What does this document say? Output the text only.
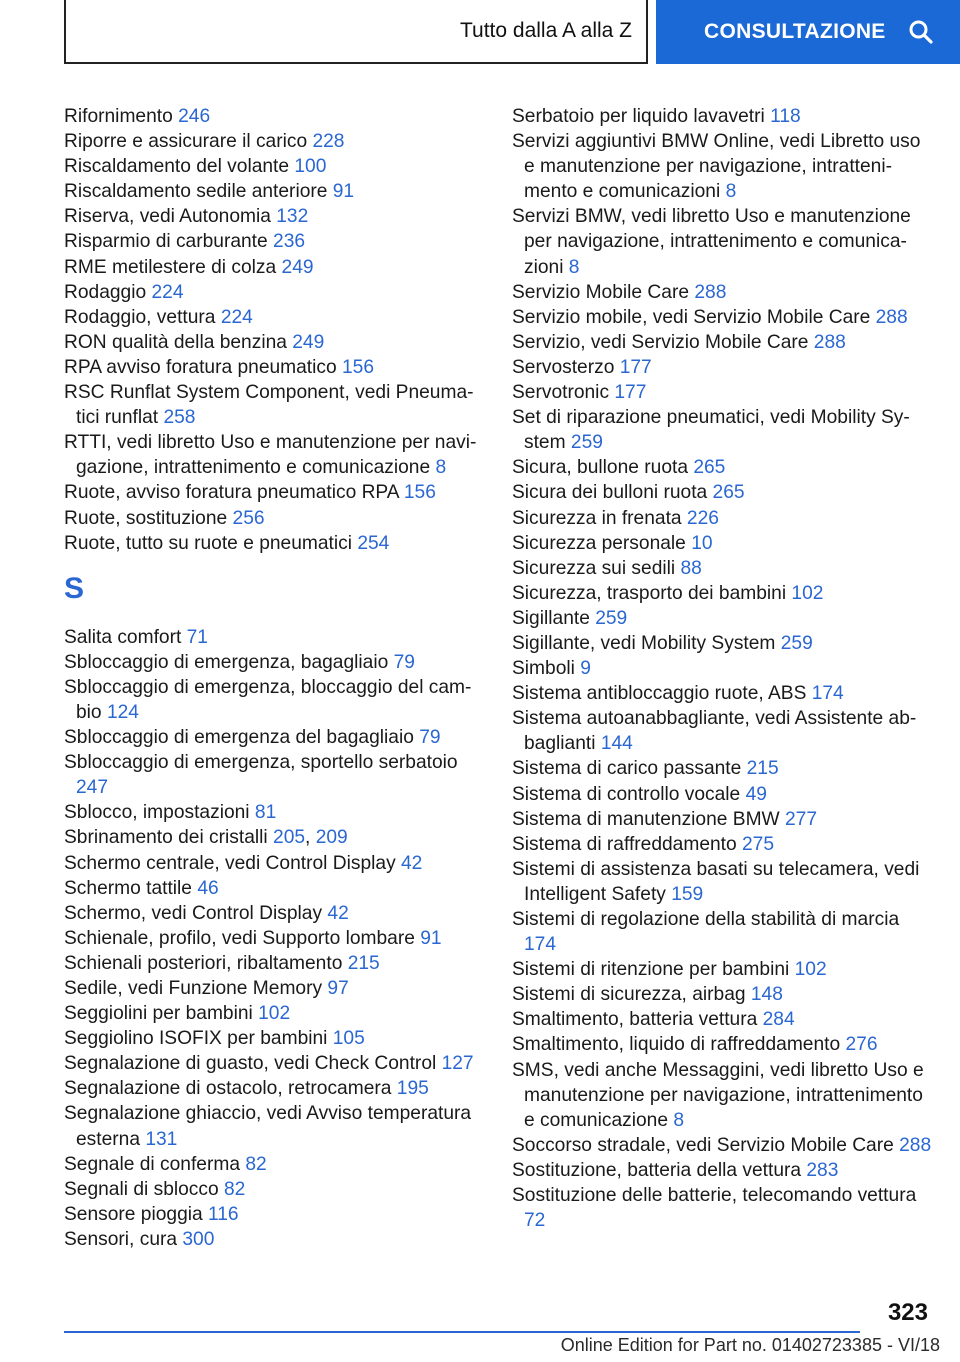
Tutto dalla A alla Z	CONSULTAZIONE
Rifornimento 246
Riporre e assicurare il carico 228
Riscaldamento del volante 100
Riscaldamento sedile anteriore 91
Riserva, vedi Autonomia 132
Risparmio di carburante 236
RME metilestere di colza 249
Rodaggio 224
Rodaggio, vettura 224
RON qualità della benzina 249
RPA avviso foratura pneumatico 156
RSC Runflat System Component, vedi Pneumatici runflat 258
RTTI, vedi libretto Uso e manutenzione per navigazione, intrattenimento e comunicazione 8
Ruote, avviso foratura pneumatico RPA 156
Ruote, sostituzione 256
Ruote, tutto su ruote e pneumatici 254
S
Salita comfort 71
Sbloccaggio di emergenza, bagagliaio 79
Sbloccaggio di emergenza, bloccaggio del cambio 124
Sbloccaggio di emergenza del bagagliaio 79
Sbloccaggio di emergenza, sportello serbatoio 247
Sblocco, impostazioni 81
Sbrinamento dei cristalli 205, 209
Schermo centrale, vedi Control Display 42
Schermo tattile 46
Schermo, vedi Control Display 42
Schienale, profilo, vedi Supporto lombare 91
Schienali posteriori, ribaltamento 215
Sedile, vedi Funzione Memory 97
Seggiolini per bambini 102
Seggiolino ISOFIX per bambini 105
Segnalazione di guasto, vedi Check Control 127
Segnalazione di ostacolo, retrocamera 195
Segnalazione ghiaccio, vedi Avviso temperatura esterna 131
Segnale di conferma 82
Segnali di sblocco 82
Sensore pioggia 116
Sensori, cura 300
Serbatoio per liquido lavavetri 118
Servizi aggiuntivi BMW Online, vedi Libretto uso e manutenzione per navigazione, intrattenimento e comunicazioni 8
Servizi BMW, vedi libretto Uso e manutenzione per navigazione, intrattenimento e comunicazioni 8
Servizio Mobile Care 288
Servizio mobile, vedi Servizio Mobile Care 288
Servizio, vedi Servizio Mobile Care 288
Servosterzo 177
Servotronic 177
Set di riparazione pneumatici, vedi Mobility System 259
Sicura, bullone ruota 265
Sicura dei bulloni ruota 265
Sicurezza in frenata 226
Sicurezza personale 10
Sicurezza sui sedili 88
Sicurezza, trasporto dei bambini 102
Sigillante 259
Sigillante, vedi Mobility System 259
Simboli 9
Sistema antibloccaggio ruote, ABS 174
Sistema autoanabbagliante, vedi Assistente abbaglianti 144
Sistema di carico passante 215
Sistema di controllo vocale 49
Sistema di manutenzione BMW 277
Sistema di raffreddamento 275
Sistemi di assistenza basati su telecamera, vedi Intelligent Safety 159
Sistemi di regolazione della stabilità di marcia 174
Sistemi di ritenzione per bambini 102
Sistemi di sicurezza, airbag 148
Smaltimento, batteria vettura 284
Smaltimento, liquido di raffreddamento 276
SMS, vedi anche Messaggini, vedi libretto Uso e manutenzione per navigazione, intrattenimento e comunicazione 8
Soccorso stradale, vedi Servizio Mobile Care 288
Sostituzione, batteria della vettura 283
Sostituzione delle batterie, telecomando vettura 72
323
Online Edition for Part no. 01402723385 - VI/18
